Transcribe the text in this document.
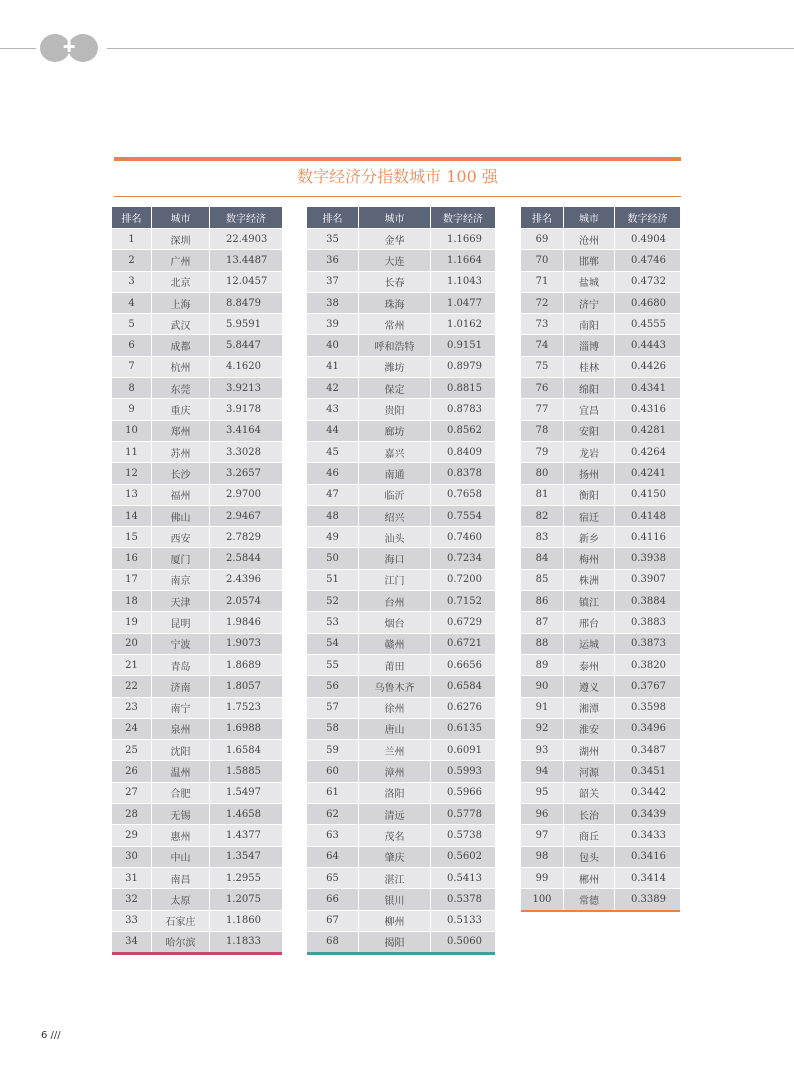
✚
数字经济分指数城市 100 强
排名	城市	数字经济
1	深圳	22.4903
2	广州	13.4487
3	北京	12.0457
4	上海	8.8479
5	武汉	5.9591
6	成都	5.8447
7	杭州	4.1620
8	东莞	3.9213
9	重庆	3.9178
10	郑州	3.4164
11	苏州	3.3028
12	长沙	3.2657
13	福州	2.9700
14	佛山	2.9467
15	西安	2.7829
16	厦门	2.5844
17	南京	2.4396
18	天津	2.0574
19	昆明	1.9846
20	宁波	1.9073
21	青岛	1.8689
22	济南	1.8057
23	南宁	1.7523
24	泉州	1.6988
25	沈阳	1.6584
26	温州	1.5885
27	合肥	1.5497
28	无锡	1.4658
29	惠州	1.4377
30	中山	1.3547
31	南昌	1.2955
32	太原	1.2075
33	石家庄	1.1860
34	哈尔滨	1.1833
排名	城市	数字经济
35	金华	1.1669
36	大连	1.1664
37	长春	1.1043
38	珠海	1.0477
39	常州	1.0162
40	呼和浩特	0.9151
41	潍坊	0.8979
42	保定	0.8815
43	贵阳	0.8783
44	廊坊	0.8562
45	嘉兴	0.8409
46	南通	0.8378
47	临沂	0.7658
48	绍兴	0.7554
49	汕头	0.7460
50	海口	0.7234
51	江门	0.7200
52	台州	0.7152
53	烟台	0.6729
54	赣州	0.6721
55	莆田	0.6656
56	乌鲁木齐	0.6584
57	徐州	0.6276
58	唐山	0.6135
59	兰州	0.6091
60	漳州	0.5993
61	洛阳	0.5966
62	清远	0.5778
63	茂名	0.5738
64	肇庆	0.5602
65	湛江	0.5413
66	银川	0.5378
67	柳州	0.5133
68	揭阳	0.5060
排名	城市	数字经济
69	沧州	0.4904
70	邯郸	0.4746
71	盐城	0.4732
72	济宁	0.4680
73	南阳	0.4555
74	淄博	0.4443
75	桂林	0.4426
76	绵阳	0.4341
77	宜昌	0.4316
78	安阳	0.4281
79	龙岩	0.4264
80	扬州	0.4241
81	衡阳	0.4150
82	宿迁	0.4148
83	新乡	0.4116
84	梅州	0.3938
85	株洲	0.3907
86	镇江	0.3884
87	邢台	0.3883
88	运城	0.3873
89	泰州	0.3820
90	遵义	0.3767
91	湘潭	0.3598
92	淮安	0.3496
93	湖州	0.3487
94	河源	0.3451
95	韶关	0.3442
96	长治	0.3439
97	商丘	0.3433
98	包头	0.3416
99	郴州	0.3414
100	常德	0.3389
6 ///
